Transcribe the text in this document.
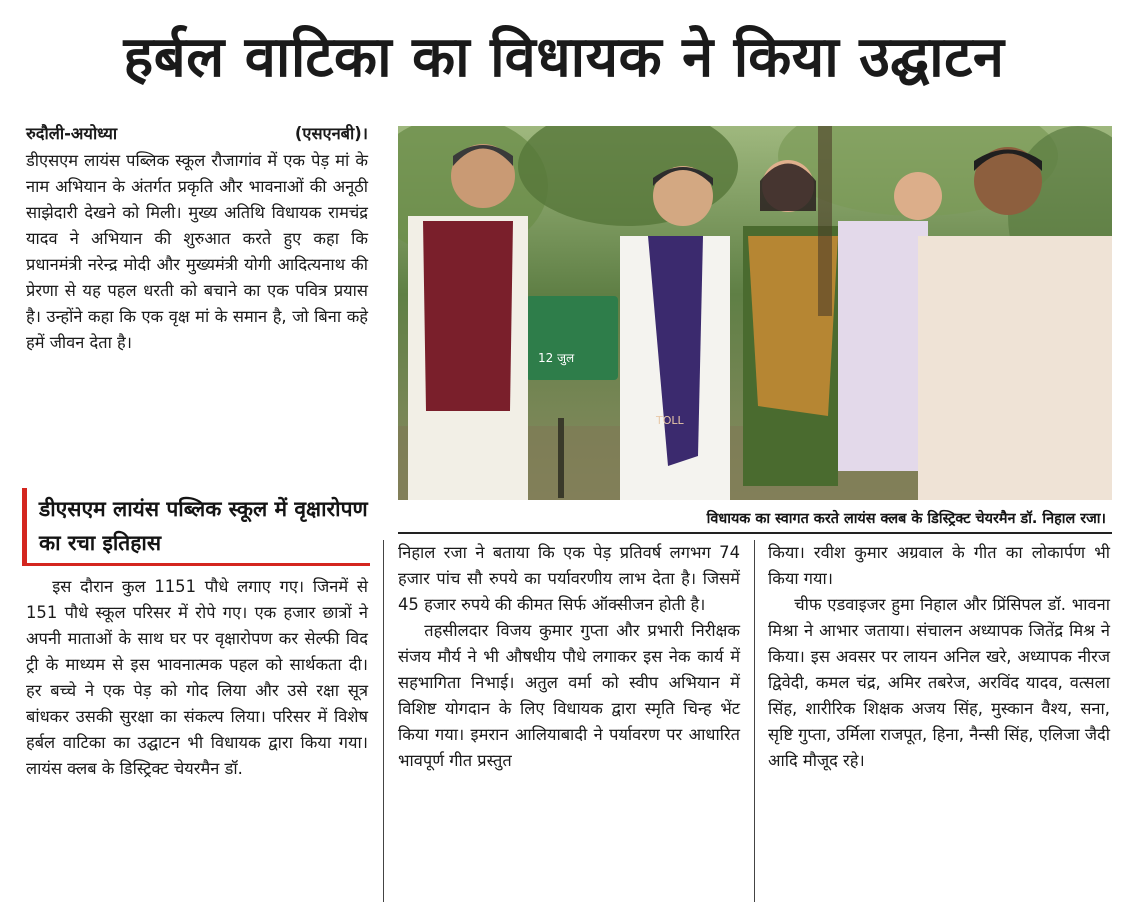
हर्बल वाटिका का विधायक ने किया उद्घाटन
रुदौली-अयोध्या	(एसएनबी)।

डीएसएम लायंस पब्लिक स्कूल रौजागांव में एक पेड़ मां के नाम अभियान के अंतर्गत प्रकृति और भावनाओं की अनूठी साझेदारी देखने को मिली। मुख्य अतिथि विधायक रामचंद्र यादव ने अभियान की शुरुआत करते हुए कहा कि प्रधानमंत्री नरेन्द्र मोदी और मुख्यमंत्री योगी आदित्यनाथ की प्रेरणा से यह पहल धरती को बचाने का एक पवित्र प्रयास है। उन्होंने कहा कि एक वृक्ष मां के समान है, जो बिना कहे हमें जीवन देता है।

डीएसएम लायंस पब्लिक स्कूल में वृक्षारोपण का रचा इतिहास

इस दौरान कुल 1151 पौधे लगाए गए। जिनमें से 151 पौधे स्कूल परिसर में रोपे गए। एक हजार छात्रों ने अपनी माताओं के साथ घर पर वृक्षारोपण कर सेल्फी विद ट्री के माध्यम से इस भावनात्मक पहल को सार्थकता दी। हर बच्चे ने एक पेड़ को गोद लिया और उसे रक्षा सूत्र बांधकर उसकी सुरक्षा का संकल्प लिया। परिसर में विशेष हर्बल वाटिका का उद्घाटन भी विधायक द्वारा किया गया। लायंस क्लब के डिस्ट्रिक्ट चेयरमैन डॉ.

12 जुल
TOLL
विधायक का स्वागत करते लायंस क्लब के डिस्ट्रिक्ट चेयरमैन डॉ. निहाल रजा।

निहाल रजा ने बताया कि एक पेड़ प्रतिवर्ष लगभग 74 हजार पांच सौ रुपये का पर्यावरणीय लाभ देता है। जिसमें 45 हजार रुपये की कीमत सिर्फ ऑक्सीजन होती है।

तहसीलदार विजय कुमार गुप्ता और प्रभारी निरीक्षक संजय मौर्य ने भी औषधीय पौधे लगाकर इस नेक कार्य में सहभागिता निभाई। अतुल वर्मा को स्वीप अभियान में विशिष्ट योगदान के लिए विधायक द्वारा स्मृति चिन्ह भेंट किया गया। इमरान आलियाबादी ने पर्यावरण पर आधारित भावपूर्ण गीत प्रस्तुत

किया। रवीश कुमार अग्रवाल के गीत का लोकार्पण भी किया गया।

चीफ एडवाइजर हुमा निहाल और प्रिंसिपल डॉ. भावना मिश्रा ने आभार जताया। संचालन अध्यापक जितेंद्र मिश्र ने किया। इस अवसर पर लायन अनिल खरे, अध्यापक नीरज द्विवेदी, कमल चंद्र, अमिर तबरेज, अरविंद यादव, वत्सला सिंह, शारीरिक शिक्षक अजय सिंह, मुस्कान वैश्य, सना, सृष्टि गुप्ता, उर्मिला राजपूत, हिना, नैन्सी सिंह, एलिजा जैदी आदि मौजूद रहे।
